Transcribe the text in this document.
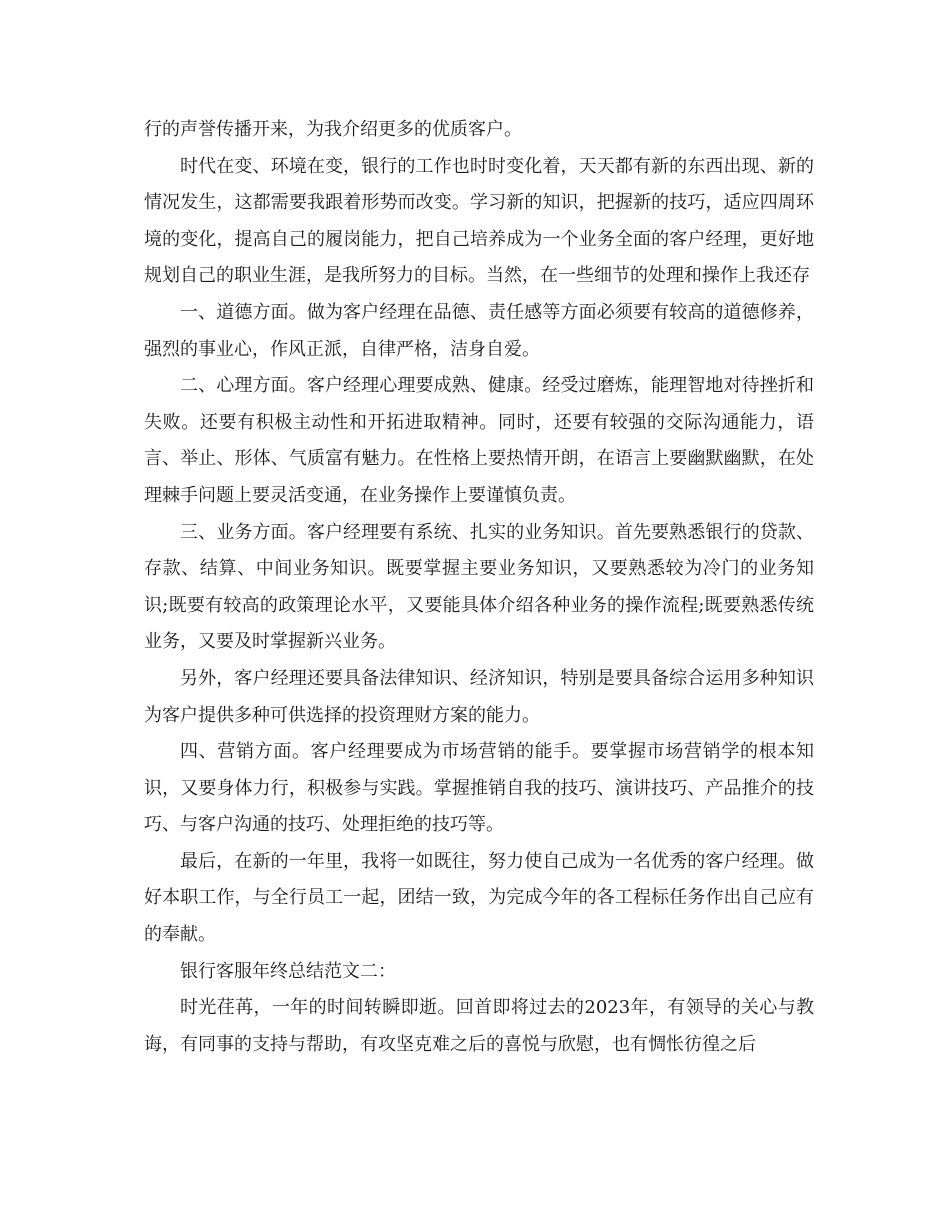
行的声誉传播开来，为我介绍更多的优质客户。

时代在变、环境在变，银行的工作也时时变化着，天天都有新的东西出现、新的情况发生，这都需要我跟着形势而改变。学习新的知识，把握新的技巧，适应四周环境的变化，提高自己的履岗能力，把自己培养成为一个业务全面的客户经理，更好地规划自己的职业生涯，是我所努力的目标。当然，在一些细节的处理和操作上我还存

一、道德方面。做为客户经理在品德、责任感等方面必须要有较高的道德修养，强烈的事业心，作风正派，自律严格，洁身自爱。

二、心理方面。客户经理心理要成熟、健康。经受过磨炼，能理智地对待挫折和失败。还要有积极主动性和开拓进取精神。同时，还要有较强的交际沟通能力，语言、举止、形体、气质富有魅力。在性格上要热情开朗，在语言上要幽默幽默，在处理棘手问题上要灵活变通，在业务操作上要谨慎负责。

三、业务方面。客户经理要有系统、扎实的业务知识。首先要熟悉银行的贷款、存款、结算、中间业务知识。既要掌握主要业务知识，又要熟悉较为冷门的业务知识;既要有较高的政策理论水平，又要能具体介绍各种业务的操作流程;既要熟悉传统业务，又要及时掌握新兴业务。

另外，客户经理还要具备法律知识、经济知识，特别是要具备综合运用多种知识为客户提供多种可供选择的投资理财方案的能力。

四、营销方面。客户经理要成为市场营销的能手。要掌握市场营销学的根本知识，又要身体力行，积极参与实践。掌握推销自我的技巧、演讲技巧、产品推介的技巧、与客户沟通的技巧、处理拒绝的技巧等。

最后，在新的一年里，我将一如既往，努力使自己成为一名优秀的客户经理。做好本职工作，与全行员工一起，团结一致，为完成今年的各工程标任务作出自己应有的奉献。

银行客服年终总结范文二：

时光荏苒，一年的时间转瞬即逝。回首即将过去的2023年，有领导的关心与教诲，有同事的支持与帮助，有攻坚克难之后的喜悦与欣慰，也有惆怅彷徨之后
